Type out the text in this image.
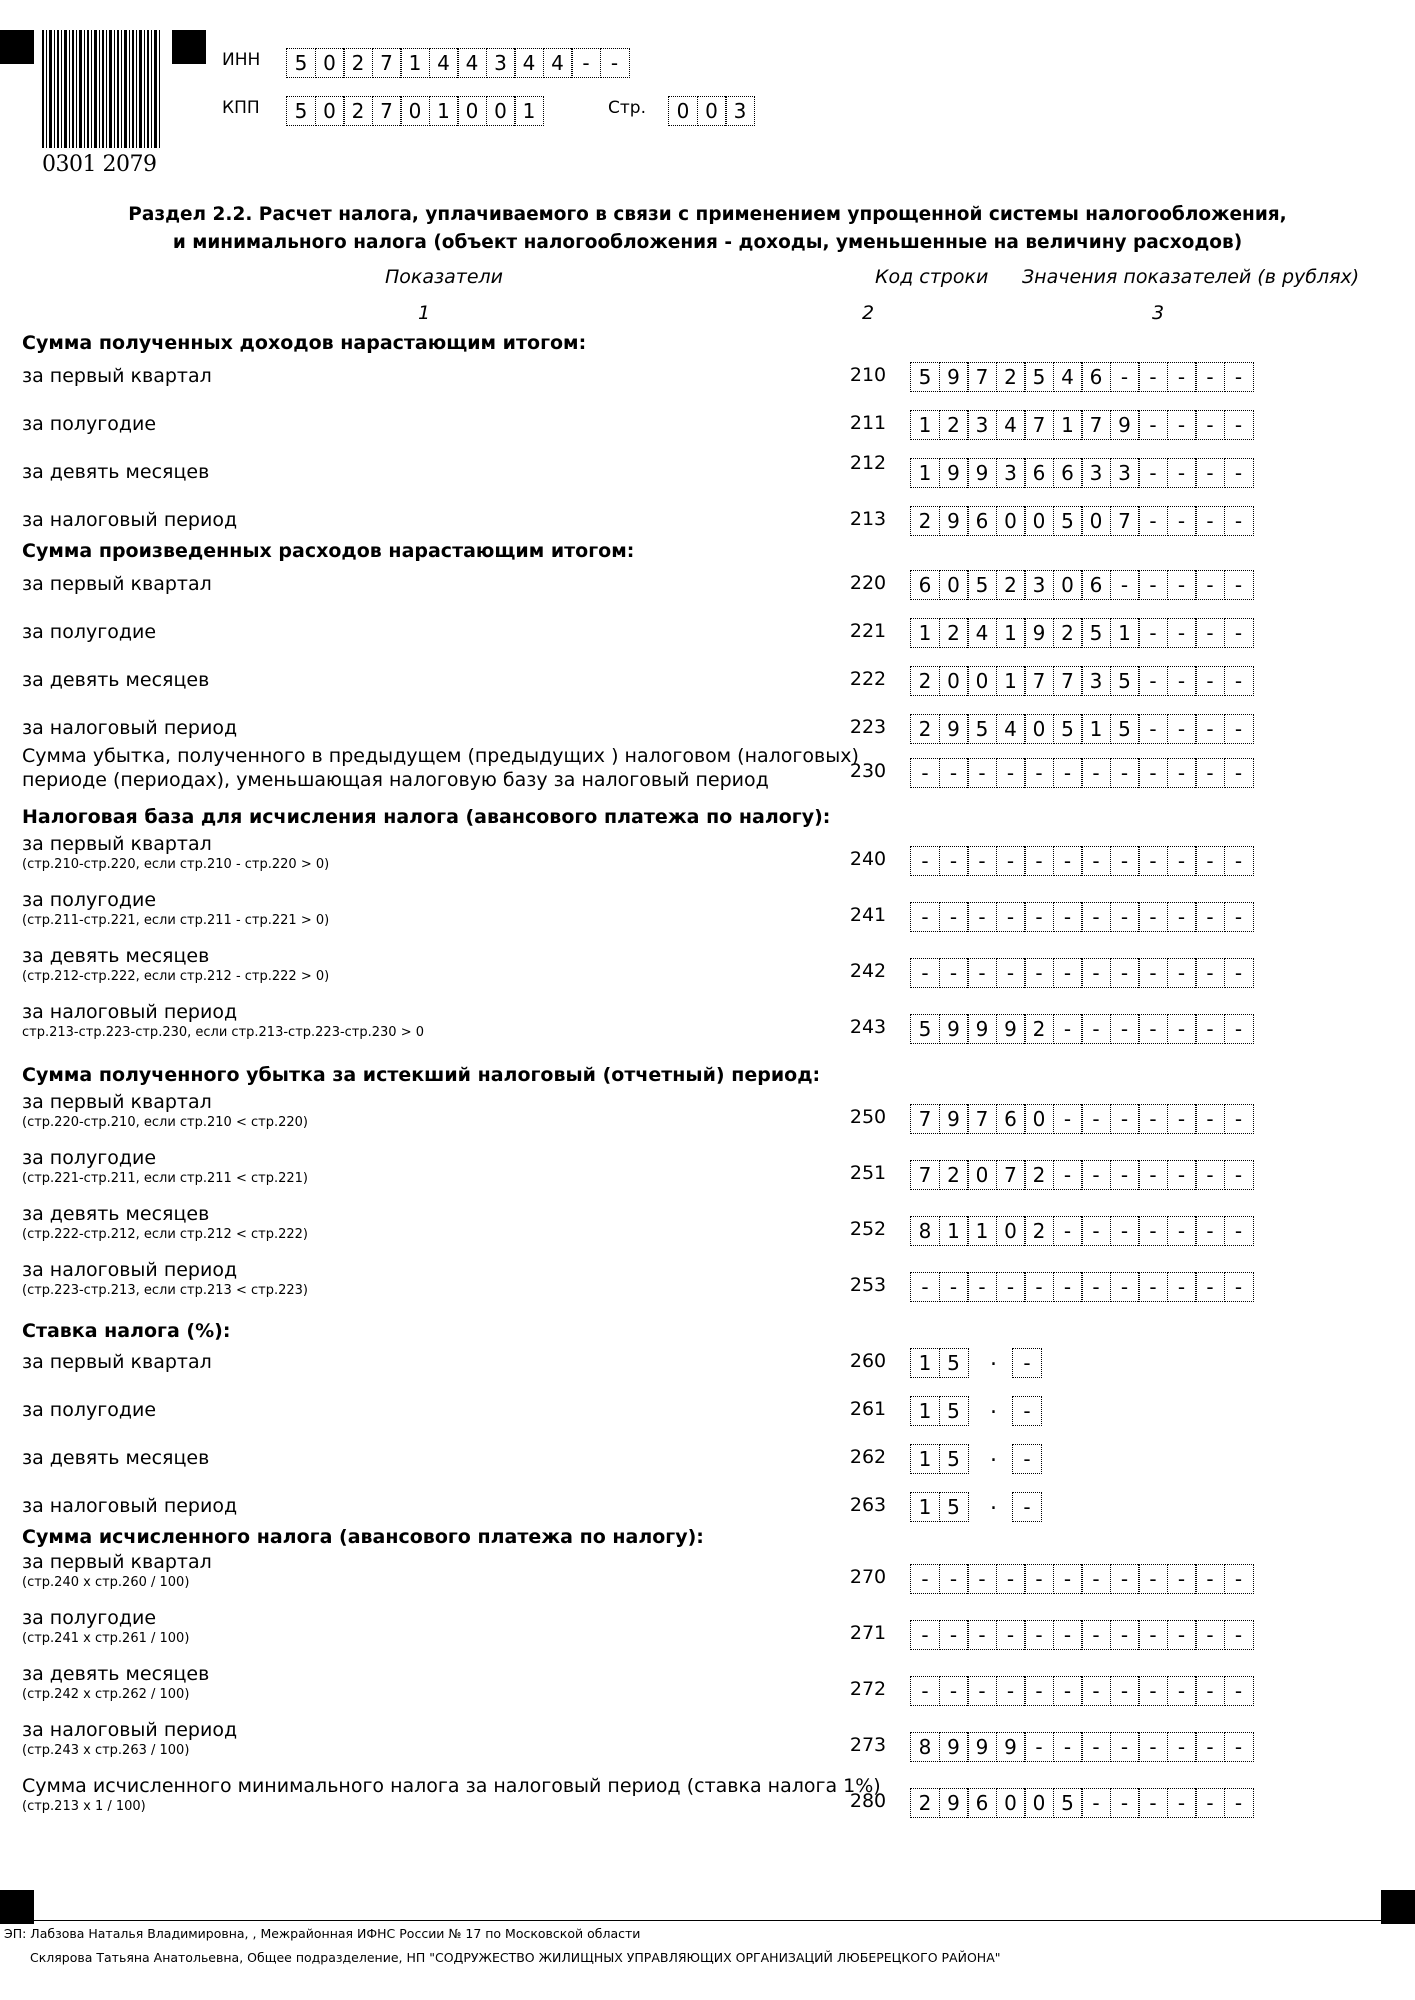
0301 2079
ИНН	5 0 2 7 1 4 4 3 4 4 -	-
КПП	5 0 2 7 0 1 0 0 1	Стр.	0 0 3
Раздел 2.2. Расчет налога, уплачиваемого в связи с применением упрощенной системы налогообложения,
и минимального налога (объект налогообложения - доходы, уменьшенные на величину расходов)
Показатели	Код строки Значения показателей (в рублях)
1	2	3
Сумма полученных доходов нарастающим итогом:
Сумма произведенных расходов нарастающим итогом:
Налоговая база для исчисления налога (авансового платежа по налогу):
Сумма полученного убытка за истекший налоговый (отчетный) период:
Ставка налога (%):
Сумма исчисленного налога (авансового платежа по налогу):
за первый квартал	210	5 9 7 2 5 4 6 -	-	-	-	-
за полугодие	211	1 2 3 4 7 1 7 9 -	-	-	-
за девять месяцев	212	1 9 9 3 6 6 3 3 -	-	-	-
за налоговый период	213	2 9 6 0 0 5 0 7 -	-	-	-
за первый квартал	220	6 0 5 2 3 0 6 -	-	-	-	-
за полугодие	221	1 2 4 1 9 2 5 1 -	-	-	-
за девять месяцев	222	2 0 0 1 7 7 3 5 -	-	-	-
за налоговый период	223	2 9 5 4 0 5 1 5 -	-	-	-
Сумма убытка, полученного в предыдущем (предыдущих ) налоговом (налоговых)
периоде (периодах), уменьшающая налоговую базу за налоговый период	230	-	-	-	-	-	-	-	-	-	-	-	-
за первый квартал
(стр.210-стр.220, если стр.210 - стр.220 > 0)	240	-	-	-	-	-	-	-	-	-	-	-	-
за полугодие
(стр.211-стр.221, если стр.211 - стр.221 > 0)	241	-	-	-	-	-	-	-	-	-	-	-	-
за девять месяцев
(стр.212-стр.222, если стр.212 - стр.222 > 0)	242	-	-	-	-	-	-	-	-	-	-	-	-
за налоговый период
стр.213-стр.223-стр.230, если стр.213-стр.223-стр.230 > 0	243	5 9 9 9 2 -	-	-	-	-	-	-
за первый квартал
(стр.220-стр.210, если стр.210 < стр.220)	250	7 9 7 6 0 -	-	-	-	-	-	-
за полугодие
(стр.221-стр.211, если стр.211 < стр.221)	251	7 2 0 7 2 -	-	-	-	-	-	-
за девять месяцев
(стр.222-стр.212, если стр.212 < стр.222)	252	8 1 1 0 2 -	-	-	-	-	-	-
за налоговый период
(стр.223-стр.213, если стр.213 < стр.223)	253	-	-	-	-	-	-	-	-	-	-	-	-
за первый квартал	260	1 5	.	-
за полугодие	261	1 5	.	-
за девять месяцев	262	1 5	.	-
за налоговый период	263	1 5	.	-
за первый квартал
(стр.240 х стр.260 / 100)	270	-	-	-	-	-	-	-	-	-	-	-	-
за полугодие
(стр.241 х стр.261 / 100)	271	-	-	-	-	-	-	-	-	-	-	-	-
за девять месяцев
(стр.242 х стр.262 / 100)	272	-	-	-	-	-	-	-	-	-	-	-	-
за налоговый период
(стр.243 х стр.263 / 100)	273	8 9 9 9 -	-	-	-	-	-	-	-
Сумма исчисленного минимального налога за налоговый период (ставка налога 1%)
(стр.213 х 1 / 100)	280	2 9 6 0 0 5 -	-	-	-	-	-
ЭП: Лабзова Наталья Владимировна, , Межрайонная ИФНС России № 17 по Московской области
Склярова Татьяна Анатольевна, Общее подразделение, НП "СОДРУЖЕСТВО ЖИЛИЩНЫХ УПРАВЛЯЮЩИХ ОРГАНИЗАЦИЙ ЛЮБЕРЕЦКОГО РАЙОНА"
